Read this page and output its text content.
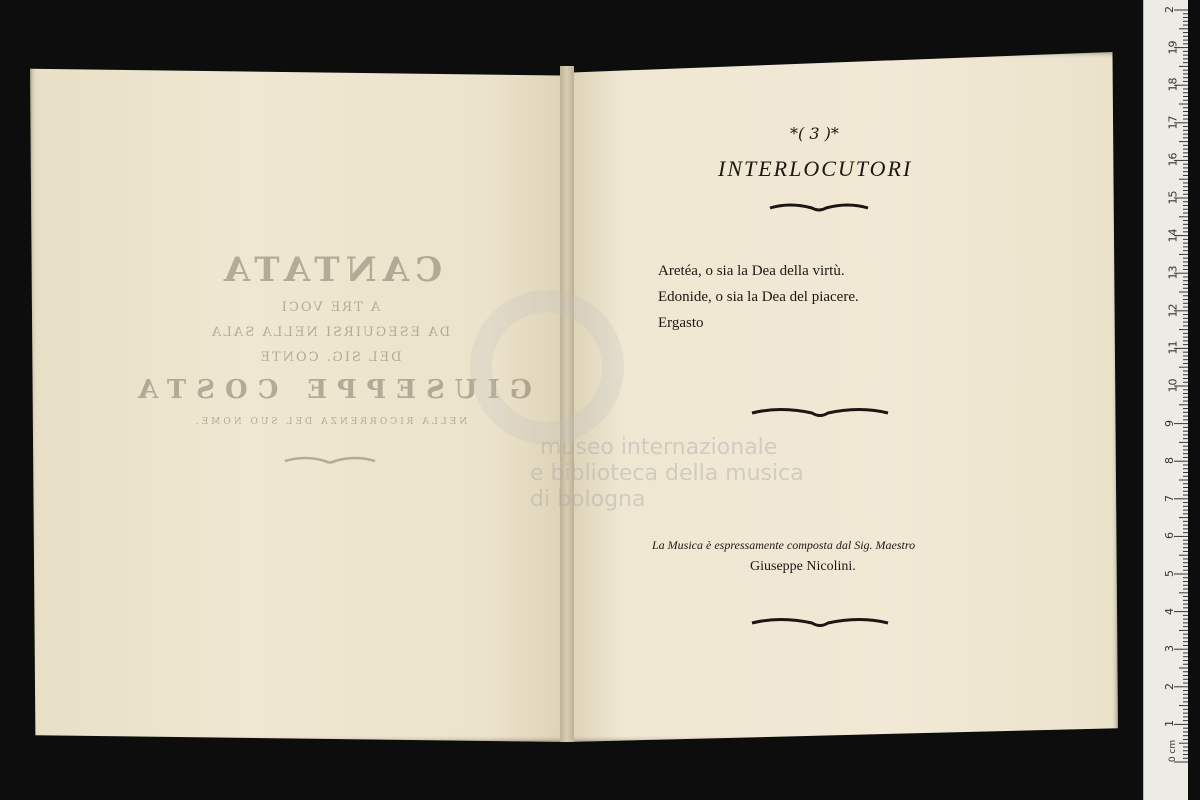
CANTATA
A TRE VOCI
DA ESEGUIRSI NELLA SALA
DEL SIG. CONTE
GIUSEPPE COSTA
NELLA RICORRENZA DEL SUO NOME.
museo internazionale
e biblioteca della musica
di bologna
*( 3 )*
INTERLOCUTORI
Aretéa, o sia la Dea della virtù.
Edonide, o sia la Dea del piacere.
Ergasto
La Musica è espressamente composta dal Sig. Maestro
Giuseppe Nicolini.
1
2
3
4
5
6
7
8
9
10
11
12
13
14
15
16
17
18
19
2
0 cm
